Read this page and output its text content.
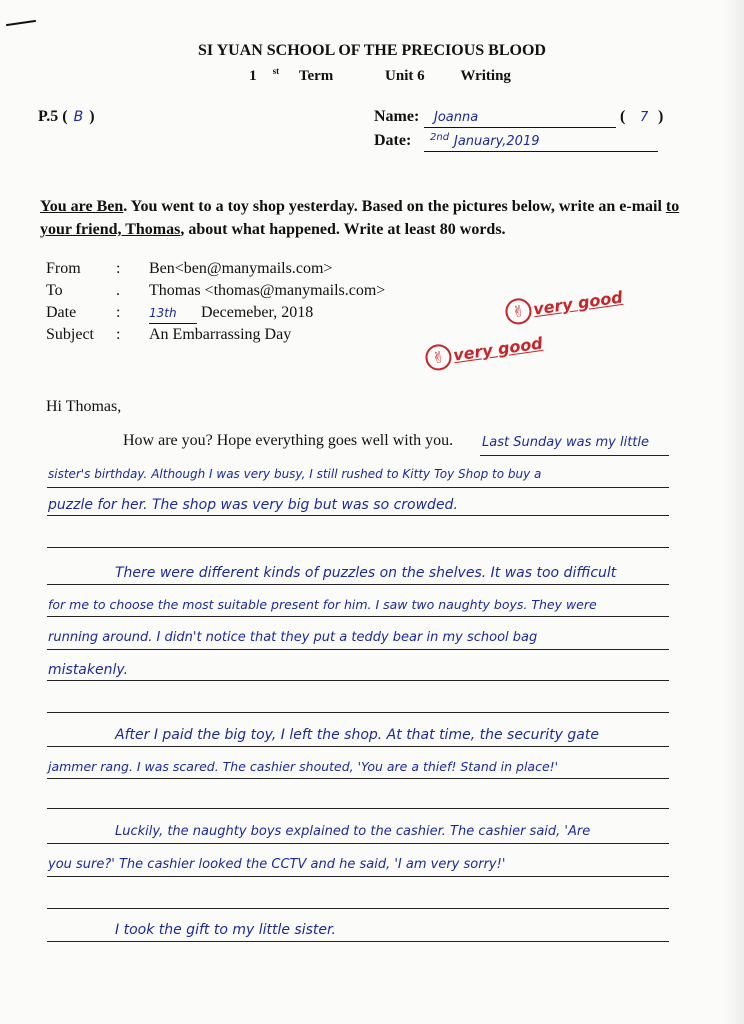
SI YUAN SCHOOL OF THE PRECIOUS BLOOD
1 $^{st}$ Term	Unit 6 Writing
P.5 ( B )	Name: Joanna	( 7 )
Date: 2nd January,2019
You are Ben. You went to a toy shop yesterday. Based on the pictures below, write an e-mail to your friend, Thomas, about what happened. Write at least 80 words.
From : Ben<ben@manymails.com>
To	. Thomas <thomas@manymails.com>
Date : 13th Decemeber, 2018
Subject : An Embarrassing Day
✌ very good
✌ very good
Hi Thomas,
How are you? Hope everything goes well with you. Last Sunday was my little
sister's birthday. Although I was very busy, I still rushed to Kitty Toy Shop to buy a
puzzle for her. The shop was very big but was so crowded.
There were different kinds of puzzles on the shelves. It was too difficult
for me to choose the most suitable present for him. I saw two naughty boys. They were
running around. I didn't notice that they put a teddy bear in my school bag
mistakenly.
After I paid the big toy, I left the shop. At that time, the security gate
jammer rang. I was scared. The cashier shouted, 'You are a thief! Stand in place!'
Luckily, the naughty boys explained to the cashier. The cashier said, 'Are
you sure?' The cashier looked the CCTV and he said, 'I am very sorry!'
I took the gift to my little sister.
